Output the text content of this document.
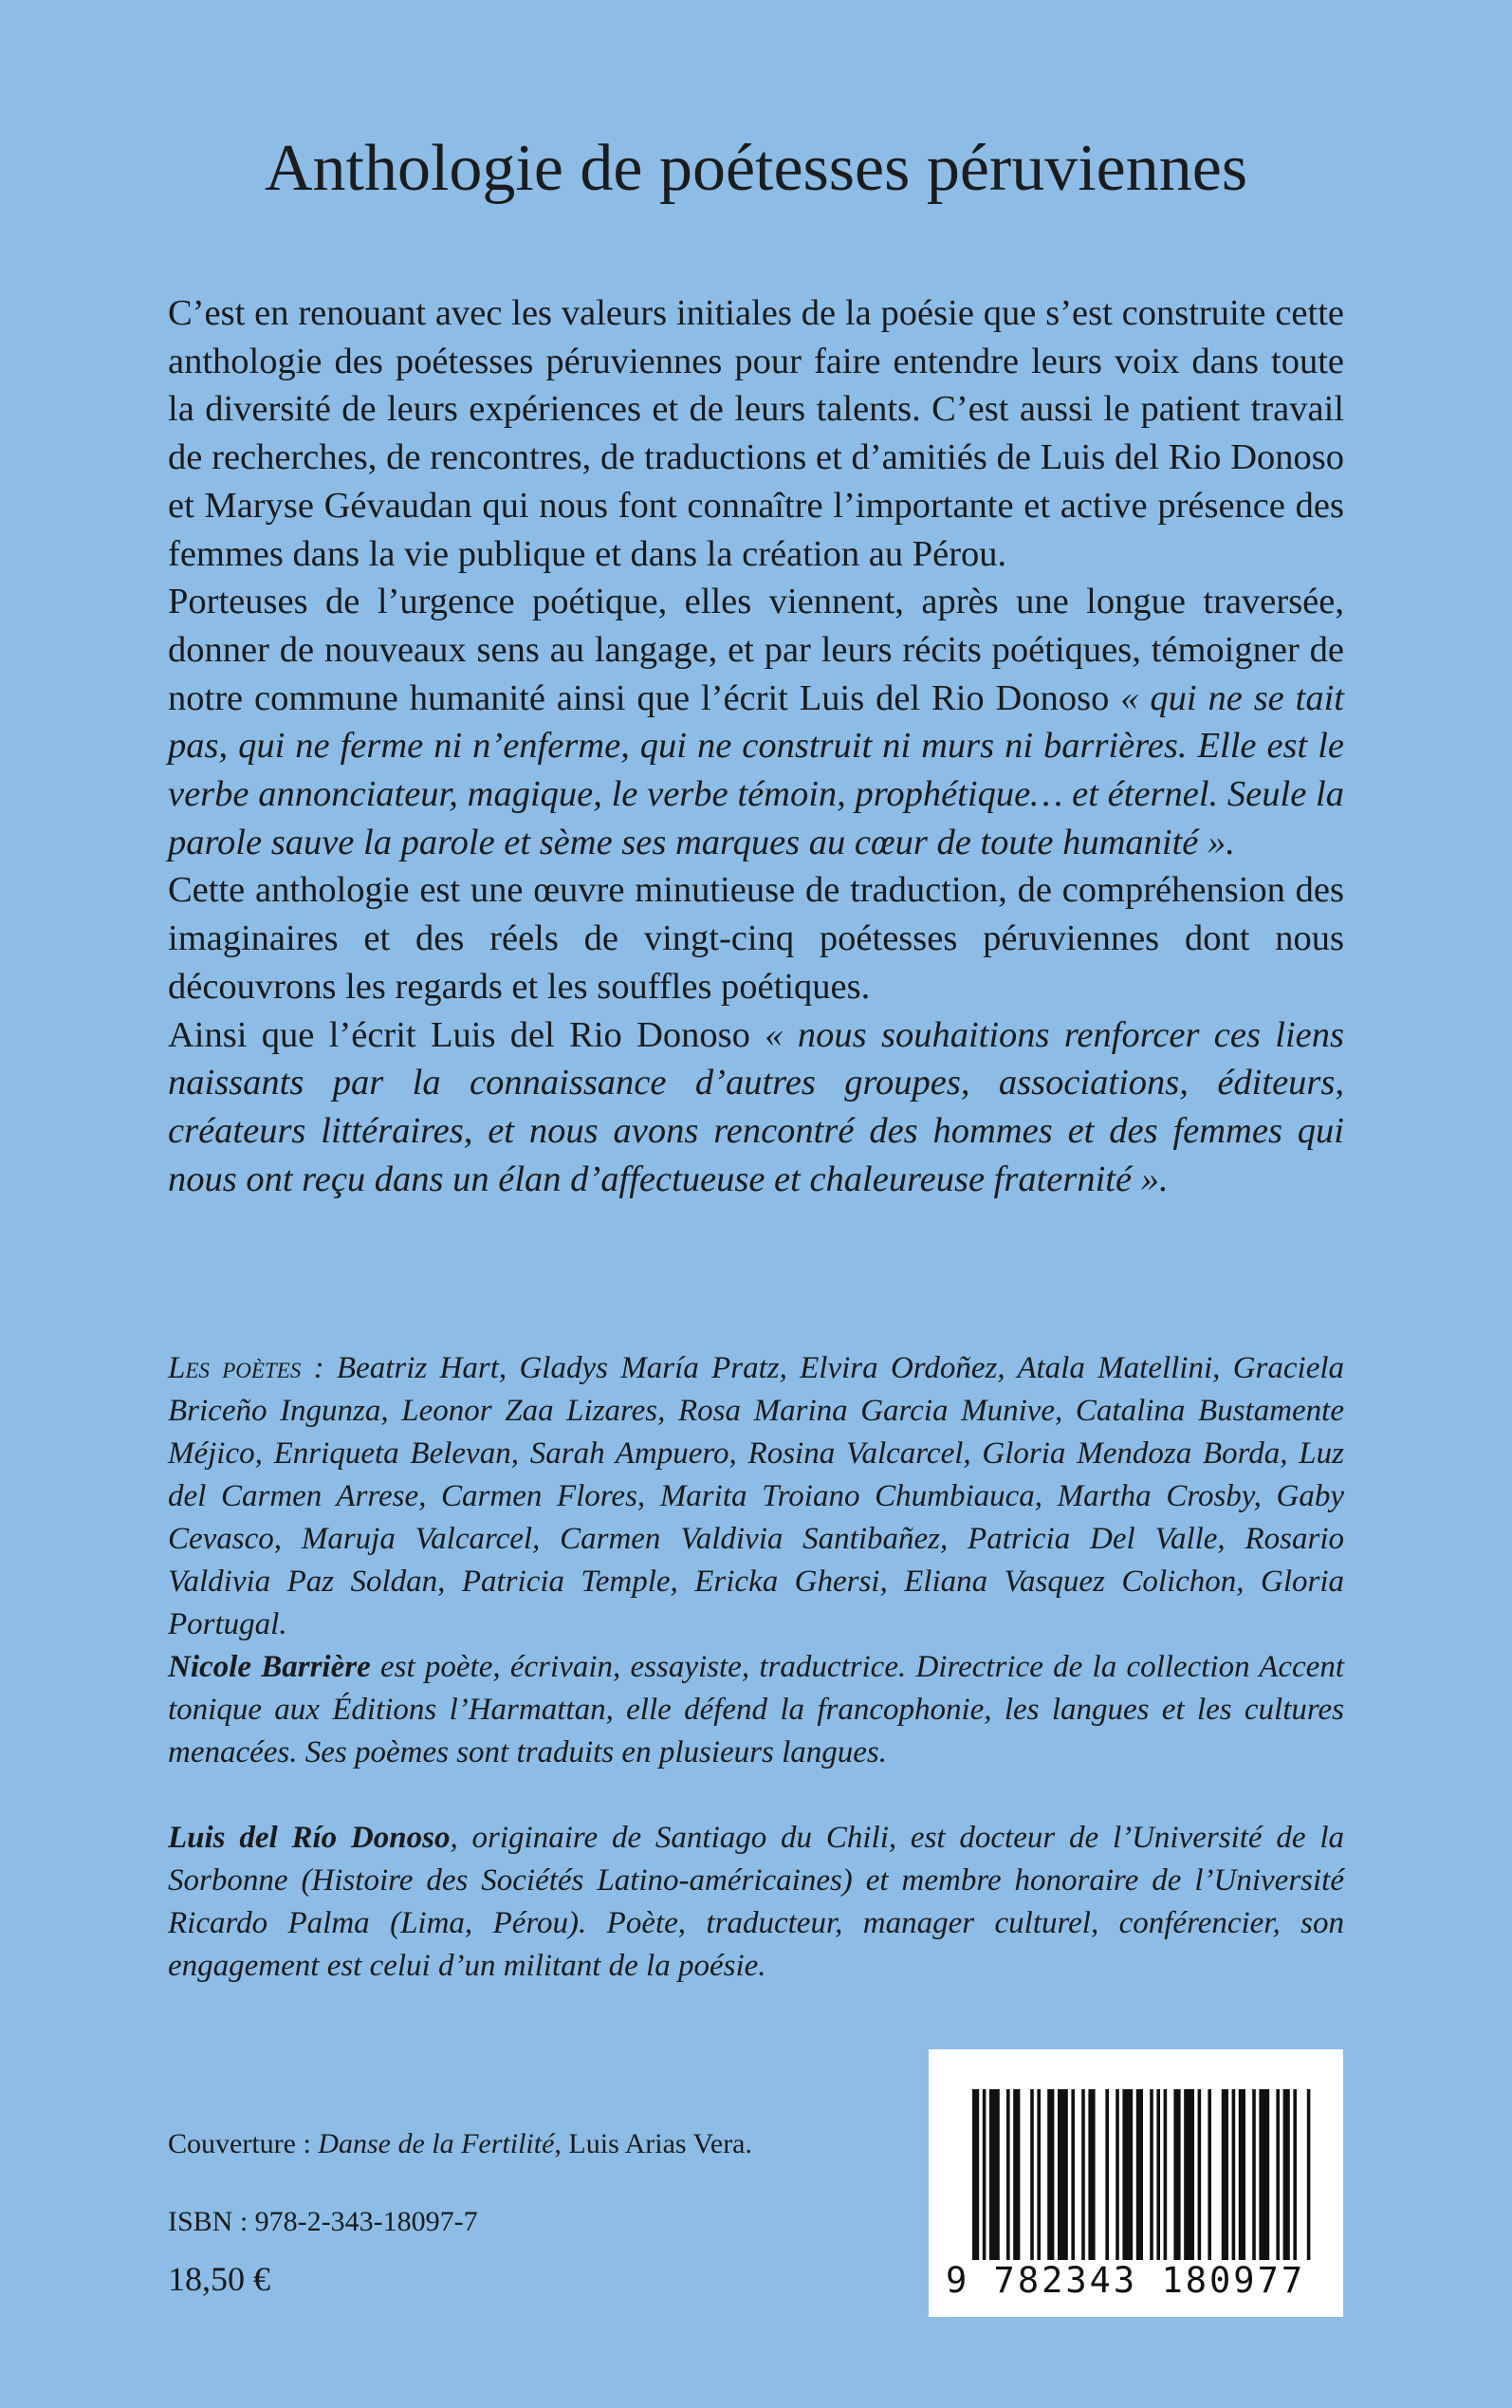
Anthologie de poétesses péruviennes

C’est en renouant avec les valeurs initiales de la poésie que s’est construite cette anthologie des poétesses péruviennes pour faire entendre leurs voix dans toute la diversité de leurs expériences et de leurs talents. C’est aussi le patient travail de recherches, de rencontres, de traductions et d’amitiés de Luis del Rio Donoso et Maryse Gévaudan qui nous font connaître l’importante et active présence des femmes dans la vie publique et dans la création au Pérou.

Porteuses de l’urgence poétique, elles viennent, après une longue traversée, donner de nouveaux sens au langage, et par leurs récits poétiques, témoigner de notre commune humanité ainsi que l’écrit Luis del Rio Donoso « qui ne se tait pas, qui ne ferme ni n’enferme, qui ne construit ni murs ni barrières. Elle est le verbe annonciateur, magique, le verbe témoin, prophétique… et éternel. Seule la parole sauve la parole et sème ses marques au cœur de toute humanité ».

Cette anthologie est une œuvre minutieuse de traduction, de compréhension des imaginaires et des réels de vingt-cinq poétesses péruviennes dont nous découvrons les regards et les souffles poétiques.

Ainsi que l’écrit Luis del Rio Donoso « nous souhaitions renforcer ces liens naissants par la connaissance d’autres groupes, associations, éditeurs, créateurs littéraires, et nous avons rencontré des hommes et des femmes qui nous ont reçu dans un élan d’affectueuse et chaleureuse fraternité ».

Les poètes : Beatriz Hart, Gladys María Pratz, Elvira Ordoñez, Atala Matellini, Graciela Briceño Ingunza, Leonor Zaa Lizares, Rosa Marina Garcia Munive, Catalina Bustamente Méjico, Enriqueta Belevan, Sarah Ampuero, Rosina Valcarcel, Gloria Mendoza Borda, Luz del Carmen Arrese, Carmen Flores, Marita Troiano Chumbiauca, Martha Crosby, Gaby Cevasco, Maruja Valcarcel, Carmen Valdivia Santibañez, Patricia Del Valle, Rosario Valdivia Paz Soldan, Patricia Temple, Ericka Ghersi, Eliana Vasquez Colichon, Gloria Portugal.
Nicole Barrière est poète, écrivain, essayiste, traductrice. Directrice de la collection Accent tonique aux Éditions l’Harmattan, elle défend la francophonie, les langues et les cultures menacées. Ses poèmes sont traduits en plusieurs langues.
Luis del Río Donoso, originaire de Santiago du Chili, est docteur de l’Université de la Sorbonne (Histoire des Sociétés Latino-américaines) et membre honoraire de l’Université Ricardo Palma (Lima, Pérou). Poète, traducteur, manager culturel, conférencier, son engagement est celui d’un militant de la poésie.
Couverture : Danse de la Fertilité, Luis Arias Vera.
ISBN : 978-2-343-18097-7
18,50 €	9 782343 180977
